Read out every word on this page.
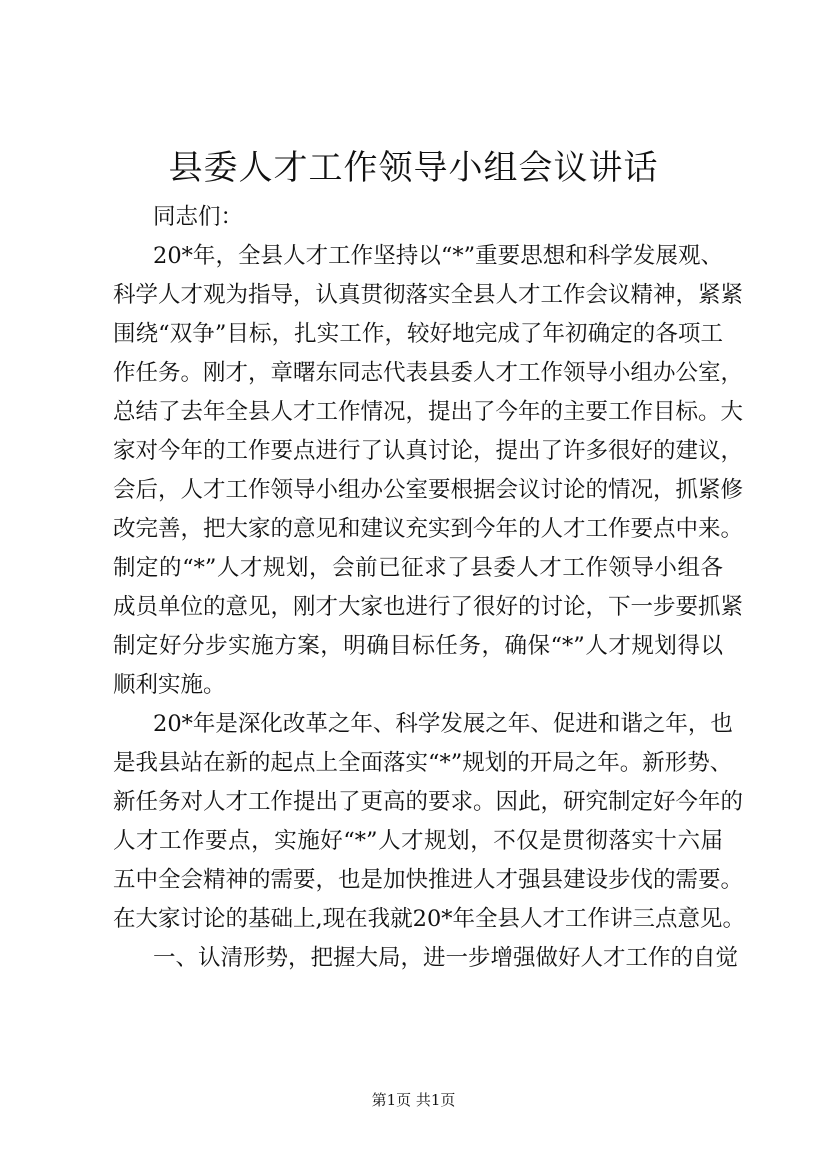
县委人才工作领导小组会议讲话
同志们：
20*年，全县人才工作坚持以“*”重要思想和科学发展观、
科学人才观为指导，认真贯彻落实全县人才工作会议精神，紧紧
围绕“双争”目标，扎实工作，较好地完成了年初确定的各项工
作任务。刚才，章曙东同志代表县委人才工作领导小组办公室，
总结了去年全县人才工作情况，提出了今年的主要工作目标。大
家对今年的工作要点进行了认真讨论，提出了许多很好的建议，
会后，人才工作领导小组办公室要根据会议讨论的情况，抓紧修
改完善，把大家的意见和建议充实到今年的人才工作要点中来。
制定的“*”人才规划，会前已征求了县委人才工作领导小组各
成员单位的意见，刚才大家也进行了很好的讨论，下一步要抓紧
制定好分步实施方案，明确目标任务，确保“*”人才规划得以
顺利实施。
20*年是深化改革之年、科学发展之年、促进和谐之年，也
是我县站在新的起点上全面落实“*”规划的开局之年。新形势、
新任务对人才工作提出了更高的要求。因此，研究制定好今年的
人才工作要点，实施好“*”人才规划，不仅是贯彻落实十六届
五中全会精神的需要，也是加快推进人才强县建设步伐的需要。
在大家讨论的基础上,现在我就20*年全县人才工作讲三点意见。
一、认清形势，把握大局，进一步增强做好人才工作的自觉
第1页 共1页
